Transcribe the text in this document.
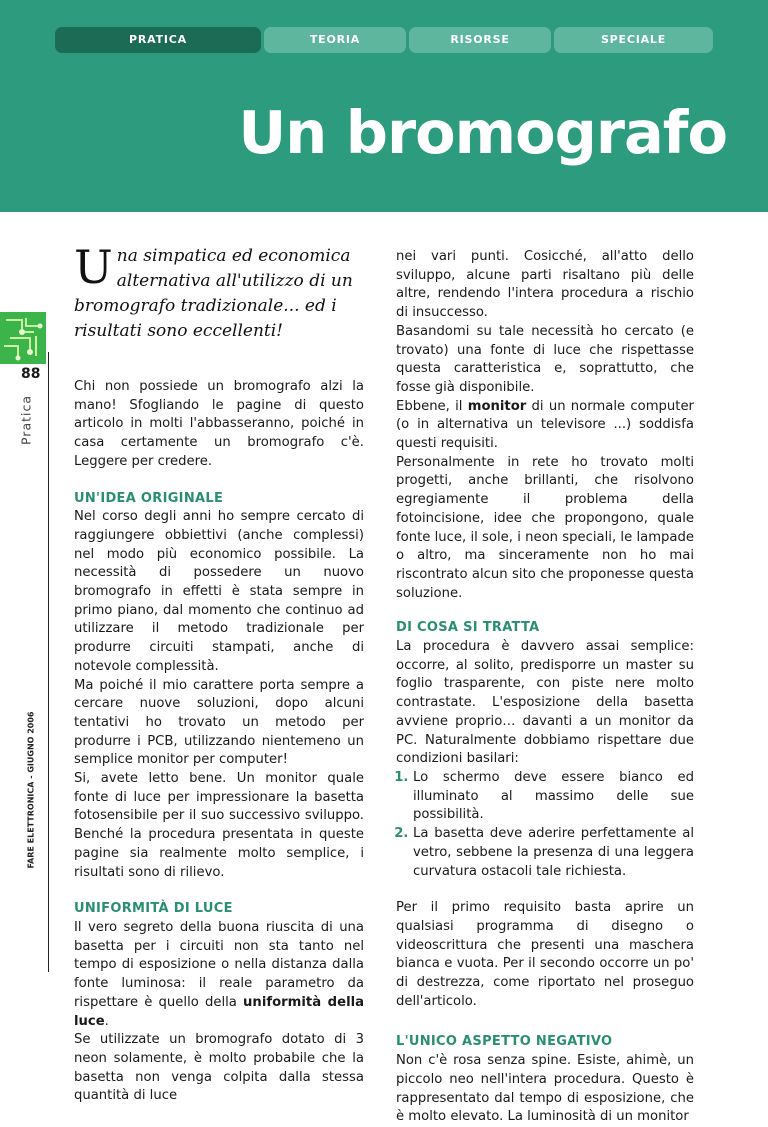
PRATICA	TEORIA	RISORSE	SPECIALE
Un bromografo
88
Pratica
FARE ELETTRONICA - GIUGNO 2006
Una simpatica ed economica alternativa all'utilizzo di un bromografo tradizionale... ed i risultati sono eccellenti!

Chi non possiede un bromografo alzi la mano! Sfogliando le pagine di questo articolo in molti l'abbasseranno, poiché in casa certamente un bromografo c'è. Leggere per credere.

UN'IDEA ORIGINALE

Nel corso degli anni ho sempre cercato di raggiungere obbiettivi (anche complessi) nel modo più economico possibile. La necessità di possedere un nuovo bromografo in effetti è stata sempre in primo piano, dal momento che continuo ad utilizzare il metodo tradizionale per produrre circuiti stampati, anche di notevole complessità.

Ma poiché il mio carattere porta sempre a cercare nuove soluzioni, dopo alcuni tentativi ho trovato un metodo per produrre i PCB, utilizzando nientemeno un semplice monitor per computer!

Si, avete letto bene. Un monitor quale fonte di luce per impressionare la basetta fotosensibile per il suo successivo sviluppo. Benché la procedura presentata in queste pagine sia realmente molto semplice, i risultati sono di rilievo.

UNIFORMITÀ DI LUCE

Il vero segreto della buona riuscita di una basetta per i circuiti non sta tanto nel tempo di esposizione o nella distanza dalla fonte luminosa: il reale parametro da rispettare è quello della uniformità della luce.

Se utilizzate un bromografo dotato di 3 neon solamente, è molto probabile che la basetta non venga colpita dalla stessa quantità di luce

nei vari punti. Cosicché, all'atto dello sviluppo, alcune parti risaltano più delle altre, rendendo l'intera procedura a rischio di insuccesso.

Basandomi su tale necessità ho cercato (e trovato) una fonte di luce che rispettasse questa caratteristica e, soprattutto, che fosse già disponibile.

Ebbene, il monitor di un normale computer (o in alternativa un televisore ...) soddisfa questi requisiti.

Personalmente in rete ho trovato molti progetti, anche brillanti, che risolvono egregiamente il problema della fotoincisione, idee che propongono, quale fonte luce, il sole, i neon speciali, le lampade o altro, ma sinceramente non ho mai riscontrato alcun sito che proponesse questa soluzione.

DI COSA SI TRATTA

La procedura è davvero assai semplice: occorre, al solito, predisporre un master su foglio trasparente, con piste nere molto contrastate. L'esposizione della basetta avviene proprio… davanti a un monitor da PC. Naturalmente dobbiamo rispettare due condizioni basilari:

1. Lo schermo deve essere bianco ed illuminato al massimo delle sue possibilità.
2. La basetta deve aderire perfettamente al vetro, sebbene la presenza di una leggera curvatura ostacoli tale richiesta.

Per il primo requisito basta aprire un qualsiasi programma di disegno o videoscrittura che presenti una maschera bianca e vuota. Per il secondo occorre un po' di destrezza, come riportato nel proseguo dell'articolo.

L'UNICO ASPETTO NEGATIVO

Non c'è rosa senza spine. Esiste, ahimè, un piccolo neo nell'intera procedura. Questo è rappresentato dal tempo di esposizione, che è molto elevato. La luminosità di un monitor
